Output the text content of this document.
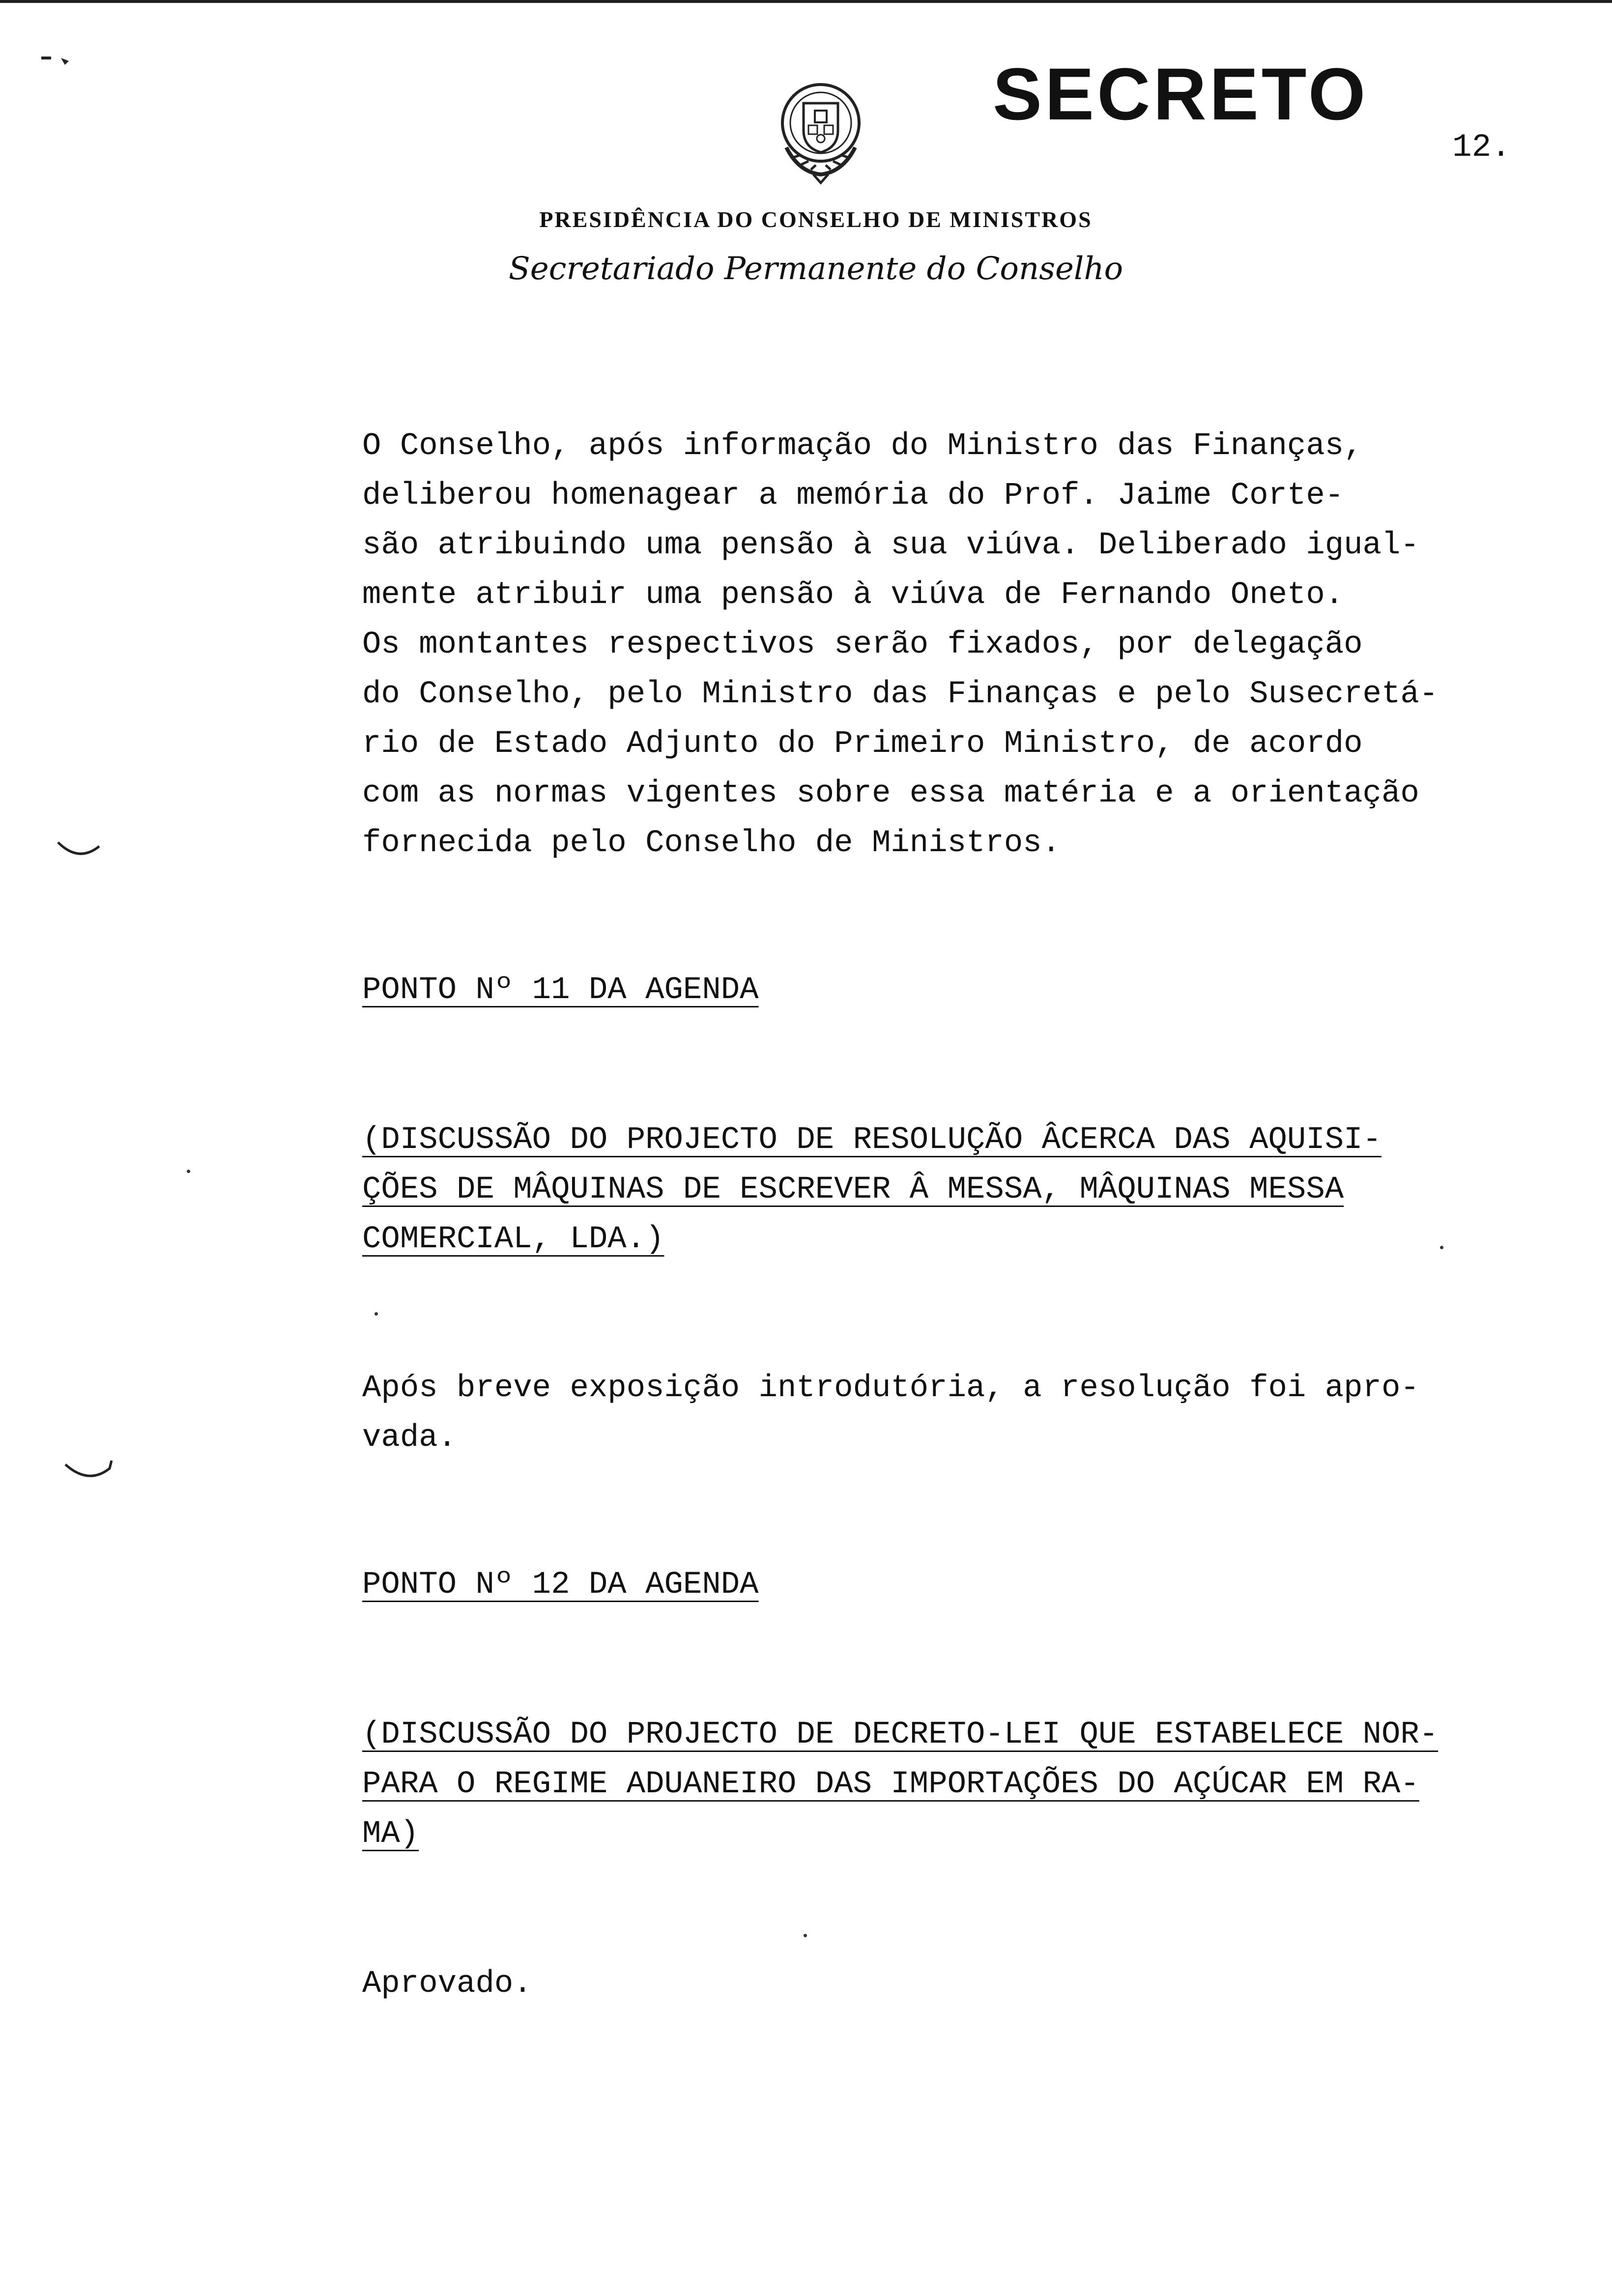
SECRETO
12.
PRESIDÊNCIA DO CONSELHO DE MINISTROS
Secretariado Permanente do Conselho
O Conselho, após informação do Ministro das Finanças,
deliberou homenagear a memória do Prof. Jaime Corte-
são atribuindo uma pensão à sua viúva. Deliberado igual-
mente atribuir uma pensão à viúva de Fernando Oneto.
Os montantes respectivos serão fixados, por delegação
do Conselho, pelo Ministro das Finanças e pelo Susecretá-
rio de Estado Adjunto do Primeiro Ministro, de acordo
com as normas vigentes sobre essa matéria e a orientação
fornecida pelo Conselho de Ministros.
PONTO Nº 11 DA AGENDA
(DISCUSSÃO DO PROJECTO DE RESOLUÇÃO ÂCERCA DAS AQUISI-
ÇÕES DE MÂQUINAS DE ESCREVER Â MESSA, MÂQUINAS MESSA
COMERCIAL, LDA.)
Após breve exposição introdutória, a resolução foi apro-
vada.
PONTO Nº 12 DA AGENDA
(DISCUSSÃO DO PROJECTO DE DECRETO-LEI QUE ESTABELECE NOR-
PARA O REGIME ADUANEIRO DAS IMPORTAÇÕES DO AÇÚCAR EM RA-
MA)
Aprovado.
